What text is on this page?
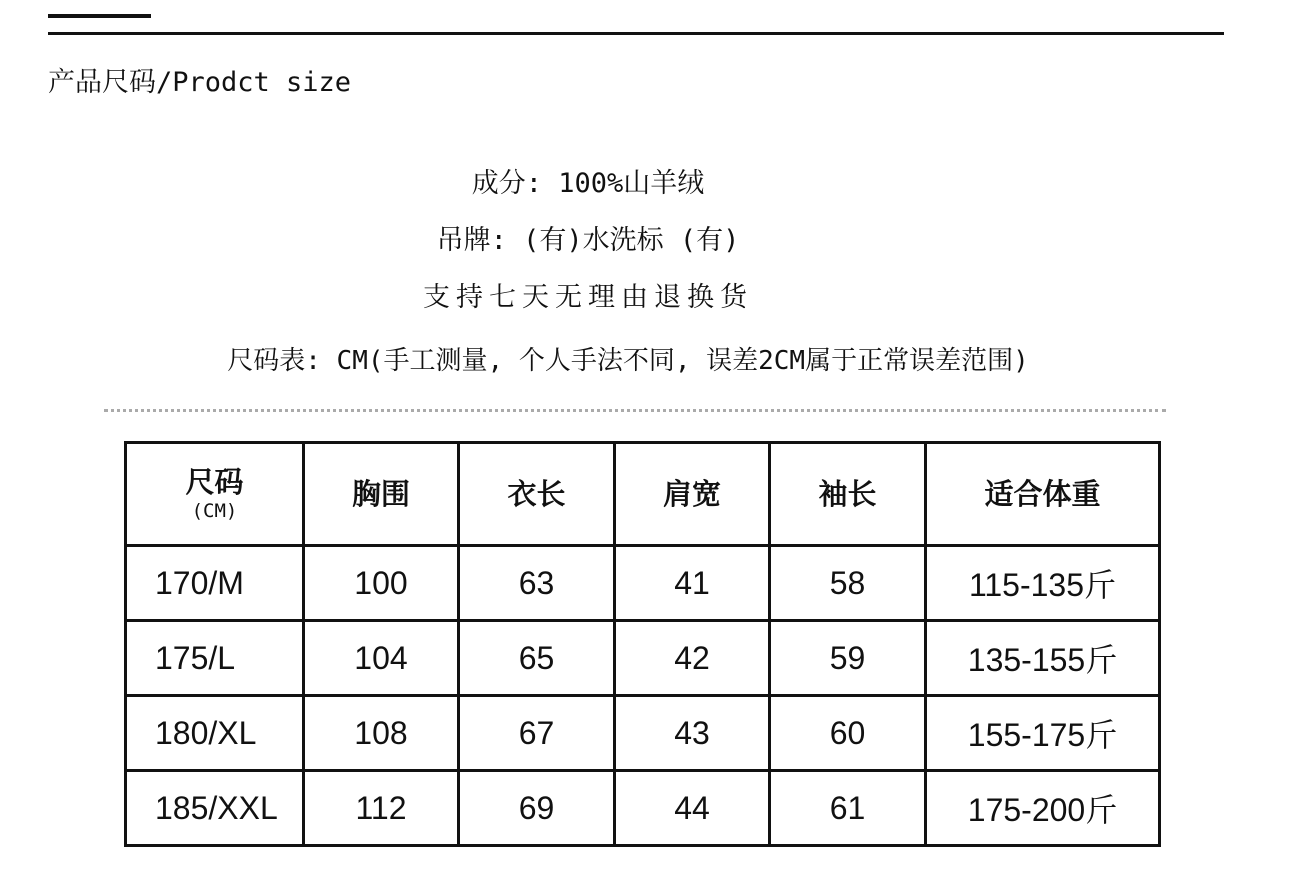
产品尺码/Prodct size
成分: 100%山羊绒
吊牌: (有)水洗标 (有)
支持七天无理由退换货
尺码表: CM(手工测量, 个人手法不同, 误差2CM属于正常误差范围)
尺码
(CM)	胸围	衣长	肩宽	袖长	适合体重

170/M	100	63	41	58	115-135斤
175/L	104	65	42	59	135-155斤
180/XL	108	67	43	60	155-175斤
185/XXL	112	69	44	61	175-200斤
